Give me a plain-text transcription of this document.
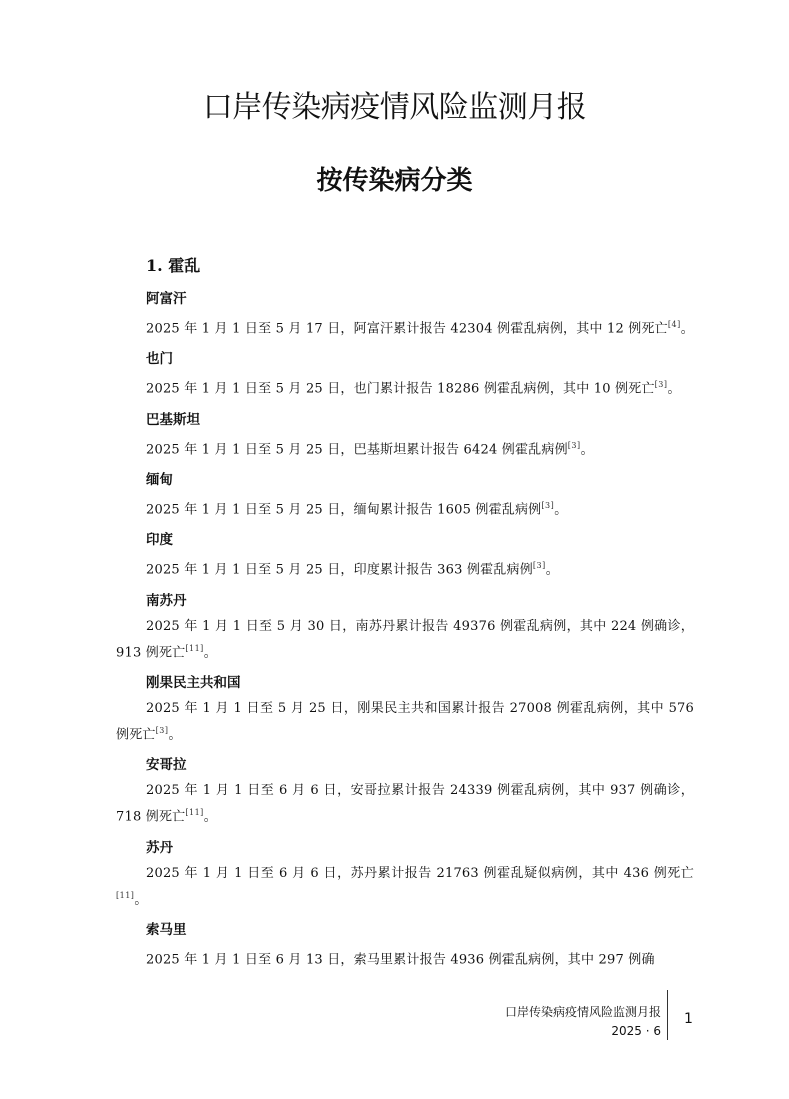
口岸传染病疫情风险监测月报
按传染病分类
1. 霍乱
阿富汗

2025 年 1 月 1 日至 5 月 17 日，阿富汗累计报告 42304 例霍乱病例，其中 12 例死亡[4]。

也门

2025 年 1 月 1 日至 5 月 25 日，也门累计报告 18286 例霍乱病例，其中 10 例死亡[3]。

巴基斯坦

2025 年 1 月 1 日至 5 月 25 日，巴基斯坦累计报告 6424 例霍乱病例[3]。

缅甸

2025 年 1 月 1 日至 5 月 25 日，缅甸累计报告 1605 例霍乱病例[3]。

印度

2025 年 1 月 1 日至 5 月 25 日，印度累计报告 363 例霍乱病例[3]。

南苏丹

2025 年 1 月 1 日至 5 月 30 日，南苏丹累计报告 49376 例霍乱病例，其中 224 例确诊，913 例死亡[11]。

刚果民主共和国

2025 年 1 月 1 日至 5 月 25 日，刚果民主共和国累计报告 27008 例霍乱病例，其中 576 例死亡[3]。

安哥拉

2025 年 1 月 1 日至 6 月 6 日，安哥拉累计报告 24339 例霍乱病例，其中 937 例确诊，718 例死亡[11]。

苏丹

2025 年 1 月 1 日至 6 月 6 日，苏丹累计报告 21763 例霍乱疑似病例，其中 436 例死亡[11]。

索马里

2025 年 1 月 1 日至 6 月 13 日，索马里累计报告 4936 例霍乱病例，其中 297 例确

口岸传染病疫情风险监测月报
2025 · 6
1
